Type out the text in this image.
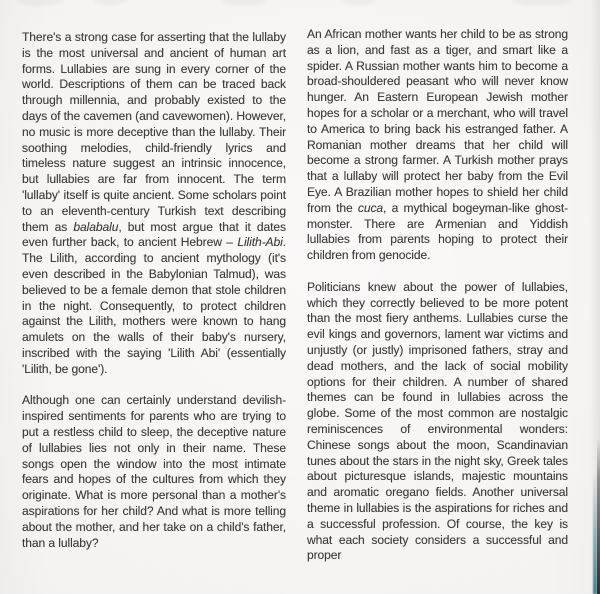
There's a strong case for asserting that the lullaby is the most universal and ancient of human art forms. Lullabies are sung in every corner of the world. Descriptions of them can be traced back through millennia, and probably existed to the days of the cavemen (and cavewomen). However, no music is more deceptive than the lullaby. Their soothing melodies, child-friendly lyrics and timeless nature suggest an intrinsic innocence, but lullabies are far from innocent. The term 'lullaby' itself is quite ancient. Some scholars point to an eleventh-century Turkish text describing them as balabalu, but most argue that it dates even further back, to ancient Hebrew – Lilith-Abi. The Lilith, according to ancient mythology (it's even described in the Babylonian Talmud), was believed to be a female demon that stole children in the night. Consequently, to protect children against the Lilith, mothers were known to hang amulets on the walls of their baby's nursery, inscribed with the saying 'Lilith Abi' (essentially 'Lilith, be gone').

Although one can certainly understand devilish-inspired sentiments for parents who are trying to put a restless child to sleep, the deceptive nature of lullabies lies not only in their name. These songs open the window into the most intimate fears and hopes of the cultures from which they originate. What is more personal than a mother's aspirations for her child? And what is more telling about the mother, and her take on a child's father, than a lullaby?

An African mother wants her child to be as strong as a lion, and fast as a tiger, and smart like a spider. A Russian mother wants him to become a broad-shouldered peasant who will never know hunger. An Eastern European Jewish mother hopes for a scholar or a merchant, who will travel to America to bring back his estranged father. A Romanian mother dreams that her child will become a strong farmer. A Turkish mother prays that a lullaby will protect her baby from the Evil Eye. A Brazilian mother hopes to shield her child from the cuca, a mythical bogeyman-like ghost-monster. There are Armenian and Yiddish lullabies from parents hoping to protect their children from genocide.

Politicians knew about the power of lullabies, which they correctly believed to be more potent than the most fiery anthems. Lullabies curse the evil kings and governors, lament war victims and unjustly (or justly) imprisoned fathers, stray and dead mothers, and the lack of social mobility options for their children. A number of shared themes can be found in lullabies across the globe. Some of the most common are nostalgic reminiscences of environmental wonders: Chinese songs about the moon, Scandinavian tunes about the stars in the night sky, Greek tales about picturesque islands, majestic mountains and aromatic oregano fields. Another universal theme in lullabies is the aspirations for riches and a successful profession. Of course, the key is what each society considers a successful and proper
